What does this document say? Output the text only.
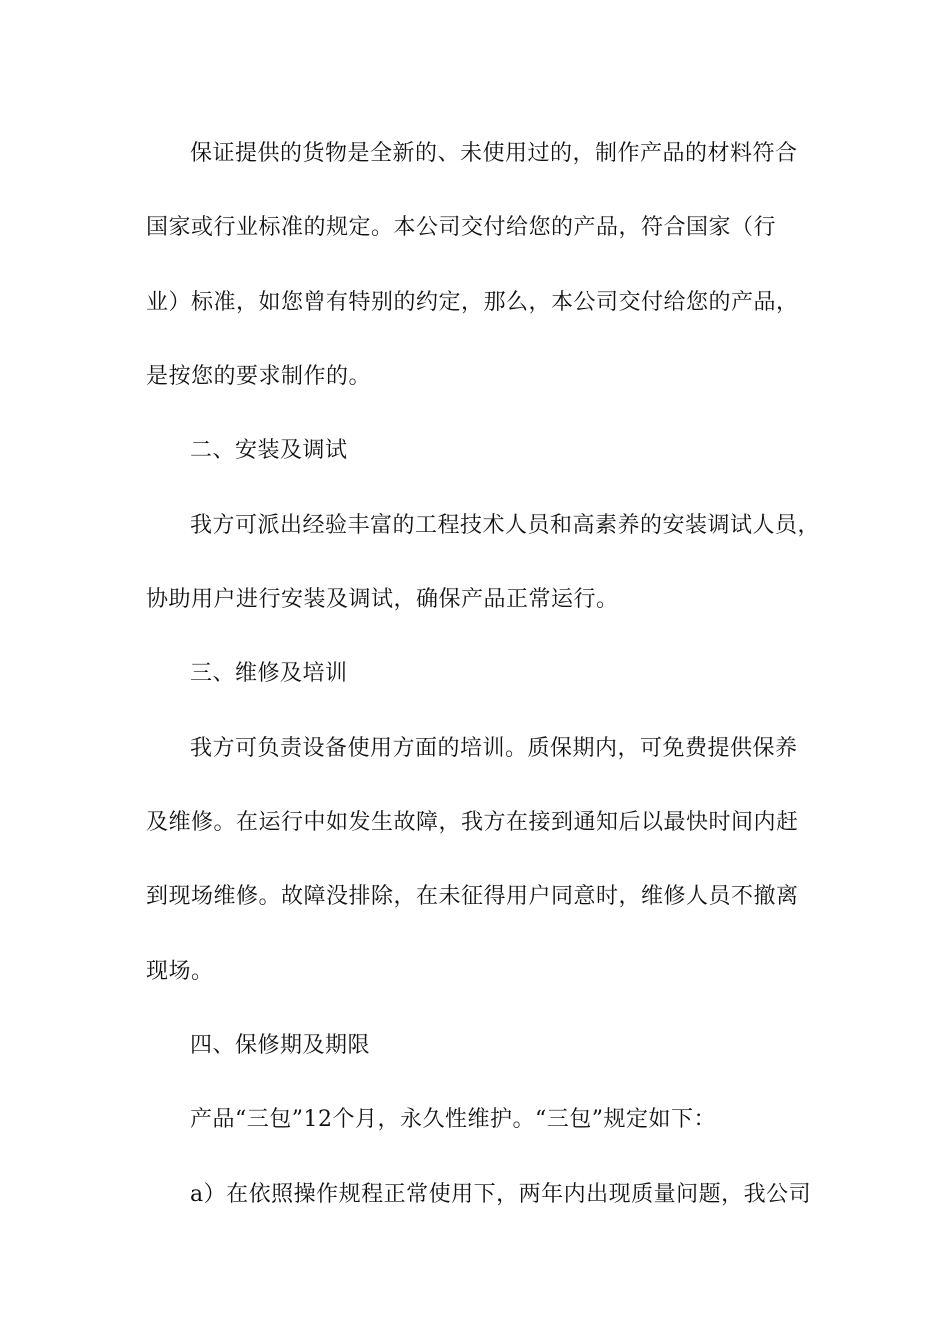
保证提供的货物是全新的、未使用过的，制作产品的材料符合
国家或行业标准的规定。本公司交付给您的产品，符合国家（行
业）标准，如您曾有特别的约定，那么，本公司交付给您的产品，
是按您的要求制作的。
二、安装及调试
我方可派出经验丰富的工程技术人员和高素养的安装调试人员，
协助用户进行安装及调试，确保产品正常运行。
三、维修及培训
我方可负责设备使用方面的培训。质保期内，可免费提供保养
及维修。在运行中如发生故障，我方在接到通知后以最快时间内赶
到现场维修。故障没排除，在未征得用户同意时，维修人员不撤离
现场。
四、保修期及期限
产品“三包”12个月，永久性维护。“三包”规定如下：
a）在依照操作规程正常使用下，两年内出现质量问题，我公司
